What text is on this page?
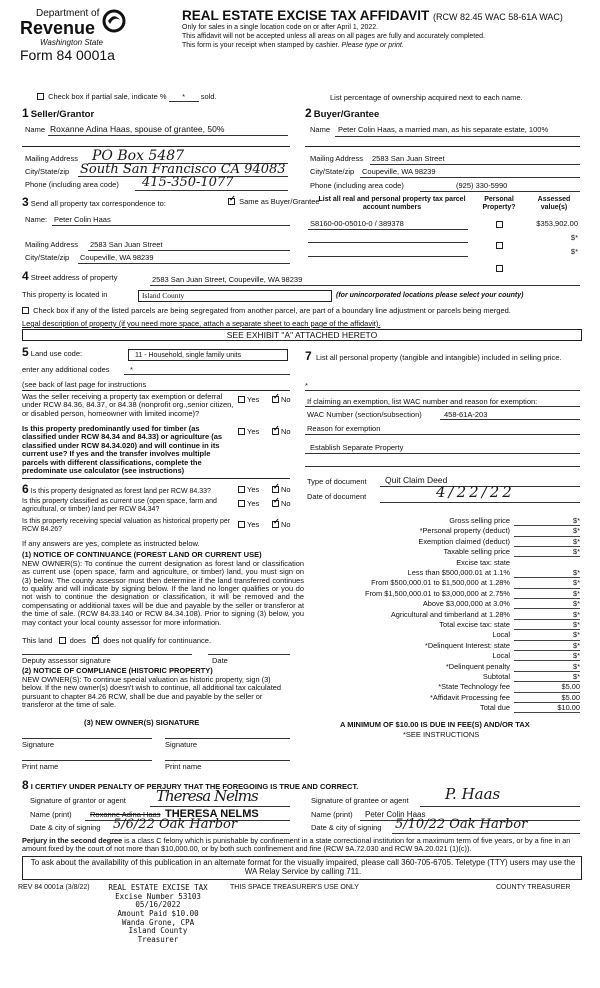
Department of
Revenue
Washington State
Form 84 0001a
REAL ESTATE EXCISE TAX AFFIDAVIT (RCW 82.45 WAC 58-61A WAC)
Only for sales in a single location code on or after April 1, 2022.
This affidavit will not be accepted unless all areas on all pages are fully and accurately completed.
This form is your receipt when stamped by cashier. Please type or print.
Check box if partial sale, indicate % * sold.	List percentage of ownership acquired next to each name.
1 Seller/Grantor
Name Roxanne Adina Haas, spouse of grantee, 50%
Mailing Address PO Box 5487
City/State/zip South San Francisco CA 94083
Phone (including area code) 415-350-1077
2 Buyer/Grantee
Name Peter Colin Haas, a married man, as his separate estate, 100%
Mailing Address 2583 San Juan Street
City/State/zip Coupeville, WA 98239
Phone (including area code)	(925) 330-5990
3 Send all property tax correspondence to: ✓	Same as Buyer/Grantee
Name: Peter Colin Haas
Mailing Address 2583 San Juan Street
City/State/zip Coupeville, WA 98239
List all real and personal property tax parcel account numbers
Personal Property?
Assessed value(s)
S8160-00-05010-0 / 389378	$353,902.00
$*
$*
4 Street address of property	2583 San Juan Street, Coupeville, WA 98239
This property is located in	Island County	(for unincorporated locations please select your county)
Check box if any of the listed parcels are being segregated from another parcel, are part of a boundary line adjustment or parcels being merged.
Legal description of property (if you need more space, attach a separate sheet to each page of the affidavit).
SEE EXHIBIT "A" ATTACHED HERETO
5 Land use code:	11 - Household, single family units
enter any additional codes	*
(see back of last page for instructions
Was the seller receiving a property tax exemption or deferral under RCW 84.36, 84.37, or 84.38 (nonprofit org.,senior citizen, or disabled person, homeowner with limited income)?
Yes ✓	No
Is this property predominantly used for timber (as classified under RCW 84.34 and 84.33) or agriculture (as classified under RCW 84.34.020) and will continue in its current use? If yes and the transfer involves multiple parcels with different classifications, complete the predominate use calculator (see instructions)
Yes ✓	No
7 List all personal property (tangible and intangible) included in selling price.
*
If claiming an exemption, list WAC number and reason for exemption:
WAC Number (section/subsection)	458-61A-203
Reason for exemption
Establish Separate Property
Type of document Quit Claim Deed
Date of document	4/22/22
6 Is this property designated as forest land per RCW 84.33?	Yes ✓	No
Is this property classified as current use (open space, farm and agricultural, or timber) land per RCW 84.34?
Yes ✓	No
Is this property receiving special valuation as historical property per RCW 84.26?
Yes ✓	No
If any answers are yes, complete as instructed below.
(1) NOTICE OF CONTINUANCE (FOREST LAND OR CURRENT USE)
NEW OWNER(S): To continue the current designation as forest land or classification as current use (open space, farm and agriculture, or timber) land, you must sign on (3) below. The county assessor must then determine if the land transferred continues to qualify and will indicate by signing below. If the land no longer qualifies or you do not wish to continue the designation or classification, it will be removed and the compensating or additional taxes will be due and payable by the seller or transferor at the time of sale. (RCW 84.33.140 or RCW 84.34.108). Prior to signing (3) below, you may contact your local county assessor for more information.
This land does ✓ does not qualify for continuance.
Deputy assessor signature	Date
(2) NOTICE OF COMPLIANCE (HISTORIC PROPERTY)
NEW OWNER(S): To continue special valuation as historic property, sign (3) below. If the new owner(s) doesn't wish to continue, all additional tax calculated pursuant to chapter 84.26 RCW, shall be due and payable by the seller or transferor at the time of sale.
(3) NEW OWNER(S) SIGNATURE
Signature	Signature
Print name	Print name
Gross selling price	$*
*Personal property (deduct)	$*
Exemption claimed (deduct)	$*
Taxable selling price	$*
Excise tax: state
Less than $500,000.01 at 1.1%	$*
From $500,000.01 to $1,500,000 at 1.28%	$*
From $1,500,000.01 to $3,000,000 at 2.75%	$*
Above $3,000,000 at 3.0%	$*
Agricultural and timberland at 1.28%	$*
Total excise tax: state	$*
Local	$*
*Delinquent Interest: state	$*
Local	$*
*Delinquent penalty	$*
Subtotal	$*
*State Technology fee	$5.00
*Affidavit Processing fee	$5.00
Total due	$10.00
A MINIMUM OF $10.00 IS DUE IN FEE(S) AND/OR TAX
*SEE INSTRUCTIONS
8 I CERTIFY UNDER PENALTY OF PERJURY THAT THE FOREGOING IS TRUE AND CORRECT.
Signature of grantor or agent Theresa Nelms
Name (print) Roxanne Adina Haas THERESA NELMS
Date & city of signing 5/6/22 Oak Harbor
Signature of grantee or agent P. Haas
Name (print) Peter Colin Haas
Date & city of signing 5/10/22 Oak Harbor
Perjury in the second degree is a class C felony which is punishable by confinement in a state correctional institution for a maximum term of five years, or by a fine in an amount fixed by the court of not more than $10,000.00, or by both such confinement and fine (RCW 9A.72.030 and RCW 9A.20.021 (1)(c)).
To ask about the availability of this publication in an alternate format for the visually impaired, please call 360-705-6705. Teletype (TTY) users may use the WA Relay Service by calling 711.
REV 84 0001a (3/8/22) REAL ESTATE EXCISE TAX
Excise Number 53103
05/16/2022
Amount Paid $10.00
Wanda Grone, CPA
Island County Treasurer
THIS SPACE TREASURER'S USE ONLY	COUNTY TREASURER
